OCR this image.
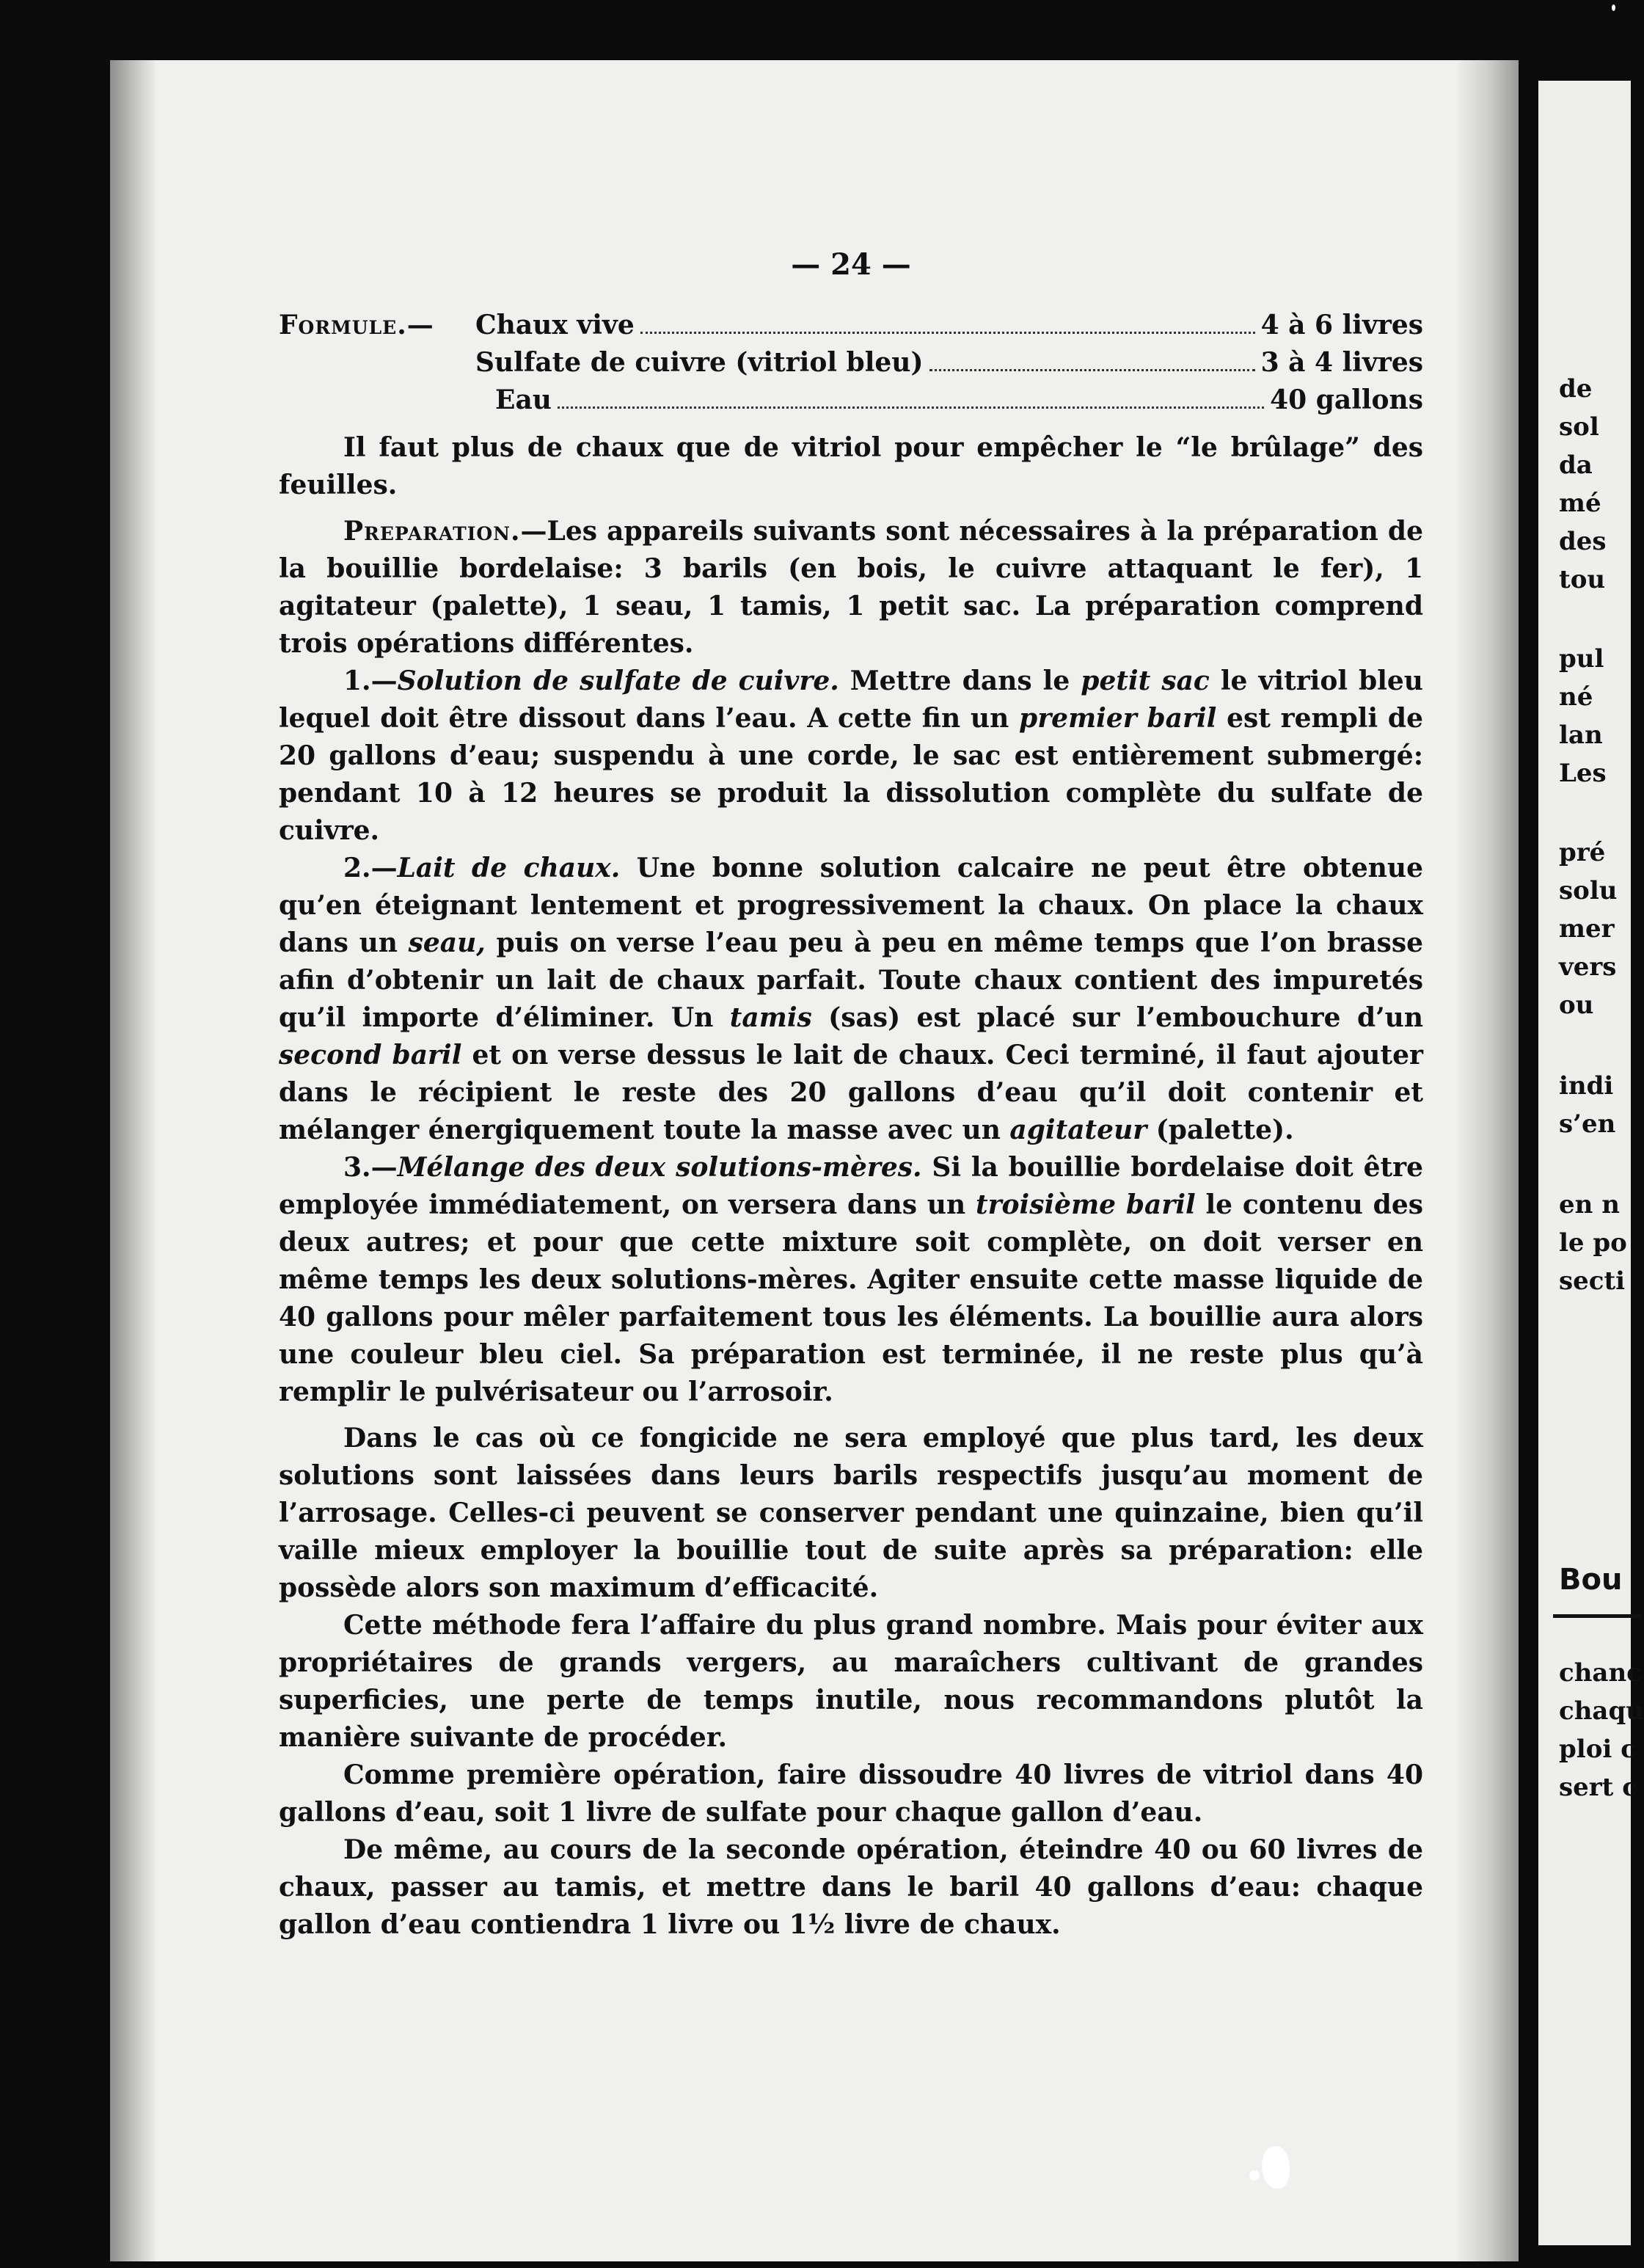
de
sol
da
mé
des
tou
pul
né
lan
Les
pré
solu
mer
vers
ou
indi
s’en
en n
le po
secti
Bou
chanc
chaqu
ploi c
sert c
— 24 —
Formule.—	Chaux vive	4 à 6 livres
Sulfate de cuivre (vitriol bleu)	3 à 4 livres
Eau	40 gallons

Il faut plus de chaux que de vitriol pour empêcher le “le brûlage” des feuilles.

Preparation.—Les appareils suivants sont nécessaires à la préparation de la bouillie bordelaise: 3 barils (en bois, le cuivre attaquant le fer), 1 agitateur (palette), 1 seau, 1 tamis, 1 petit sac. La préparation comprend trois opérations différentes.

1.—Solution de sulfate de cuivre. Mettre dans le petit sac le vitriol bleu lequel doit être dissout dans l’eau. A cette fin un premier baril est rempli de 20 gallons d’eau; suspendu à une corde, le sac est entièrement submergé: pendant 10 à 12 heures se produit la dissolution complète du sulfate de cuivre.

2.—Lait de chaux. Une bonne solution calcaire ne peut être obtenue qu’en éteignant lentement et progressivement la chaux. On place la chaux dans un seau, puis on verse l’eau peu à peu en même temps que l’on brasse afin d’obtenir un lait de chaux parfait. Toute chaux contient des impuretés qu’il importe d’éliminer. Un tamis (sas) est placé sur l’embouchure d’un second baril et on verse dessus le lait de chaux. Ceci terminé, il faut ajouter dans le récipient le reste des 20 gallons d’eau qu’il doit contenir et mélanger énergiquement toute la masse avec un agitateur (palette).

3.—Mélange des deux solutions-mères. Si la bouillie bordelaise doit être employée immédiatement, on versera dans un troisième baril le contenu des deux autres; et pour que cette mixture soit complète, on doit verser en même temps les deux solutions-mères. Agiter ensuite cette masse liquide de 40 gallons pour mêler parfaitement tous les éléments. La bouillie aura alors une couleur bleu ciel. Sa préparation est terminée, il ne reste plus qu’à remplir le pulvérisateur ou l’arrosoir.

Dans le cas où ce fongicide ne sera employé que plus tard, les deux solutions sont laissées dans leurs barils respectifs jusqu’au moment de l’arrosage. Celles-ci peuvent se conserver pendant une quinzaine, bien qu’il vaille mieux employer la bouillie tout de suite après sa préparation: elle possède alors son maximum d’efficacité.

Cette méthode fera l’affaire du plus grand nombre. Mais pour éviter aux propriétaires de grands vergers, au maraîchers cultivant de grandes superficies, une perte de temps inutile, nous recommandons plutôt la manière suivante de procéder.

Comme première opération, faire dissoudre 40 livres de vitriol dans 40 gallons d’eau, soit 1 livre de sulfate pour chaque gallon d’eau.

De même, au cours de la seconde opération, éteindre 40 ou 60 livres de chaux, passer au tamis, et mettre dans le baril 40 gallons d’eau: chaque gallon d’eau contiendra 1 livre ou 1½ livre de chaux.
